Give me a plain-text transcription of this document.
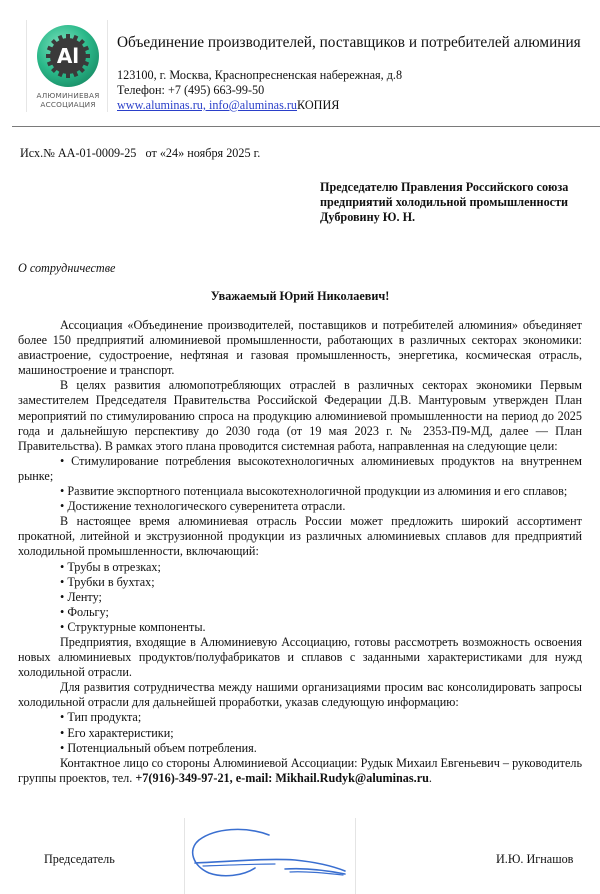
Al
АЛЮМИНИЕВАЯ
АССОЦИАЦИЯ
Объединение производителей, поставщиков и потребителей алюминия
123100, г. Москва, Краснопресненская набережная, д.8
Телефон: +7 (495) 663-99-50
www.aluminas.ru, info@aluminas.ruКОПИЯ
Исх.№ АА-01-0009-25   от «24» ноября 2025 г.
Председателю Правления Российского союза
предприятий холодильной промышленности
Дубровину Ю. Н.
О сотрудничестве
Уважаемый Юрий Николаевич!

Ассоциация «Объединение производителей, поставщиков и потребителей алюминия» объединяет более 150 предприятий алюминиевой промышленности, работающих в различных секторах экономики: авиастроение, судостроение, нефтяная и газовая промышленность, энергетика, космическая отрасль, машиностроение и транспорт.

В целях развития алюмопотребляющих отраслей в различных секторах экономики Первым заместителем Председателя Правительства Российской Федерации Д.В. Мантуровым утвержден План мероприятий по стимулированию спроса на продукцию алюминиевой промышленности на период до 2025 года и дальнейшую перспективу до 2030 года (от 19 мая 2023 г. № 2353-П9-МД, далее — План Правительства). В рамках этого плана проводится системная работа, направленная на следующие цели:

• Стимулирование потребления высокотехнологичных алюминиевых продуктов на внутреннем рынке;

• Развитие экспортного потенциала высокотехнологичной продукции из алюминия и его сплавов;

• Достижение технологического суверенитета отрасли.

В настоящее время алюминиевая отрасль России может предложить широкий ассортимент прокатной, литейной и экструзионной продукции из различных алюминиевых сплавов для предприятий холодильной промышленности, включающий:

• Трубы в отрезках;

• Трубки в бухтах;

• Ленту;

• Фольгу;

• Структурные компоненты.

Предприятия, входящие в Алюминиевую Ассоциацию, готовы рассмотреть возможность освоения новых алюминиевых продуктов/полуфабрикатов и сплавов с заданными характеристиками для нужд холодильной отрасли.

Для развития сотрудничества между нашими организациями просим вас консолидировать запросы холодильной отрасли для дальнейшей проработки, указав следующую информацию:

• Тип продукта;

• Его характеристики;

• Потенциальный объем потребления.

Контактное лицо со стороны Алюминиевой Ассоциации: Рудык Михаил Евгеньевич – руководитель группы проектов, тел. +7(916)-349-97-21, e-mail: Mikhail.Rudyk@aluminas.ru.

Председатель	И.Ю. Игнашов
